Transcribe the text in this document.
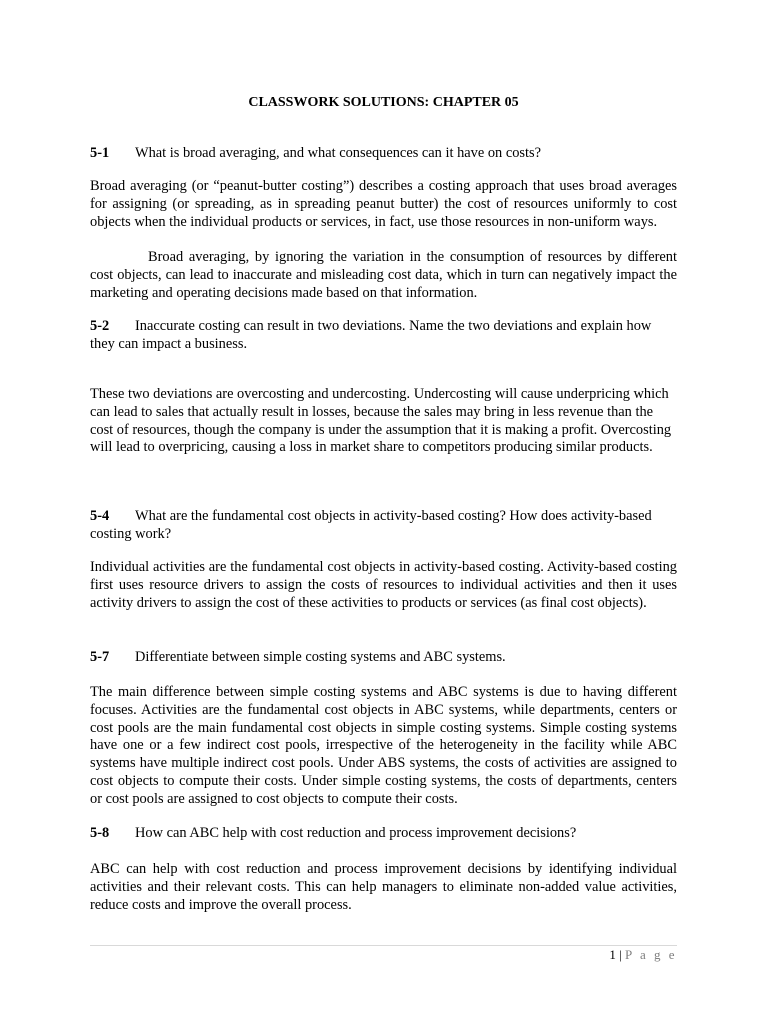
CLASSWORK SOLUTIONS: CHAPTER 05
5-1 What is broad averaging, and what consequences can it have on costs?
Broad averaging (or “peanut-butter costing”) describes a costing approach that uses broad averages for assigning (or spreading, as in spreading peanut butter) the cost of resources uniformly to cost objects when the individual products or services, in fact, use those resources in non-uniform ways.
Broad averaging, by ignoring the variation in the consumption of resources by different cost objects, can lead to inaccurate and misleading cost data, which in turn can negatively impact the marketing and operating decisions made based on that information.
5-2 Inaccurate costing can result in two deviations. Name the two deviations and explain how they can impact a business.
These two deviations are overcosting and undercosting. Undercosting will cause underpricing which can lead to sales that actually result in losses, because the sales may bring in less revenue than the cost of resources, though the company is under the assumption that it is making a profit. Overcosting will lead to overpricing, causing a loss in market share to competitors producing similar products.
5-4 What are the fundamental cost objects in activity-based costing? How does activity-based costing work?
Individual activities are the fundamental cost objects in activity-based costing. Activity-based costing first uses resource drivers to assign the costs of resources to individual activities and then it uses activity drivers to assign the cost of these activities to products or services (as final cost objects).
5-7 Differentiate between simple costing systems and ABC systems.
The main difference between simple costing systems and ABC systems is due to having different focuses. Activities are the fundamental cost objects in ABC systems, while departments, centers or cost pools are the main fundamental cost objects in simple costing systems. Simple costing systems have one or a few indirect cost pools, irrespective of the heterogeneity in the facility while ABC systems have multiple indirect cost pools. Under ABS systems, the costs of activities are assigned to cost objects to compute their costs. Under simple costing systems, the costs of departments, centers or cost pools are assigned to cost objects to compute their costs.
5-8 How can ABC help with cost reduction and process improvement decisions?
ABC can help with cost reduction and process improvement decisions by identifying individual activities and their relevant costs. This can help managers to eliminate non-added value activities, reduce costs and improve the overall process.
1 | P a g e
